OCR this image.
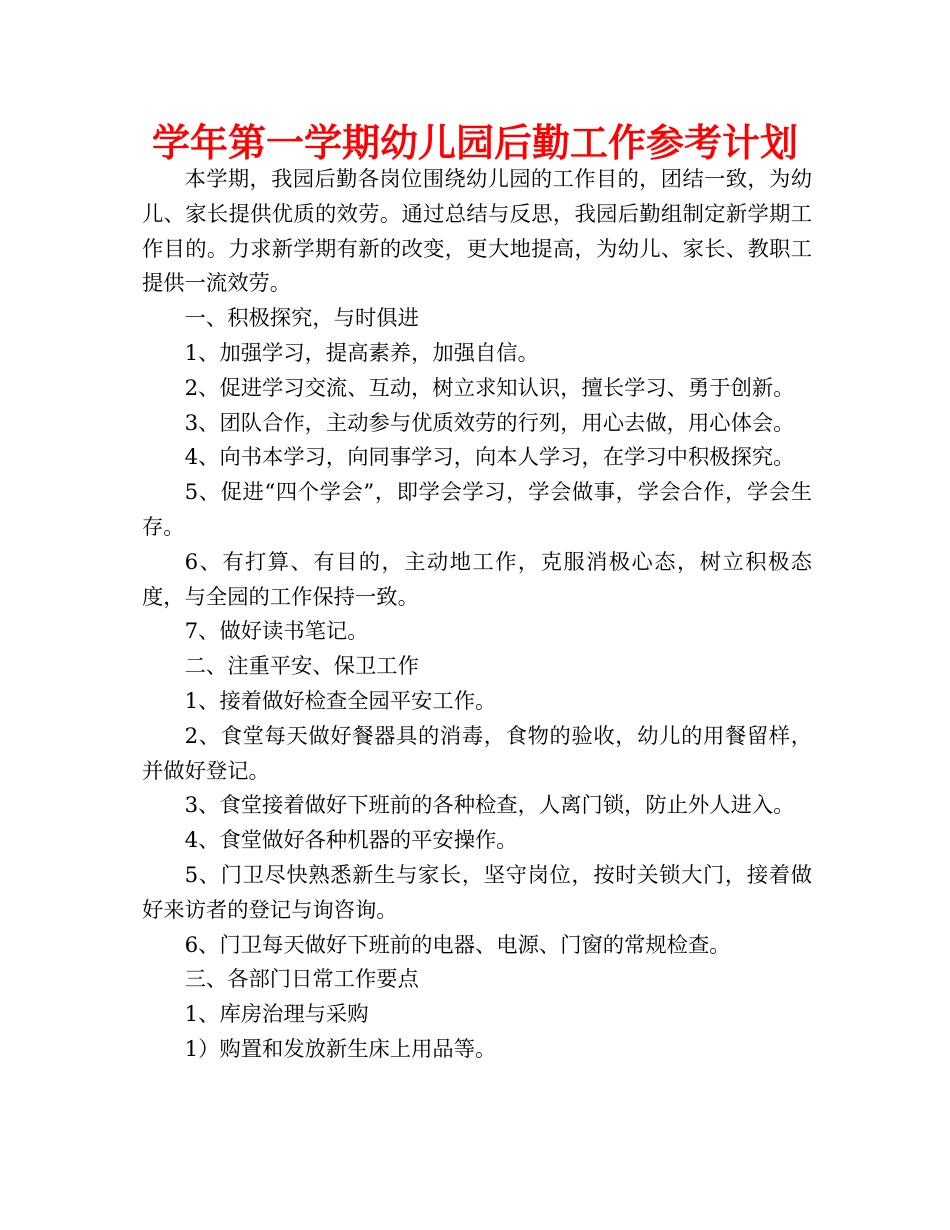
学年第一学期幼儿园后勤工作参考计划

本学期，我园后勤各岗位围绕幼儿园的工作目的，团结一致，为幼儿、家长提供优质的效劳。通过总结与反思，我园后勤组制定新学期工作目的。力求新学期有新的改变，更大地提高，为幼儿、家长、教职工提供一流效劳。

一、积极探究，与时俱进

1、加强学习，提高素养，加强自信。

2、促进学习交流、互动，树立求知认识，擅长学习、勇于创新。

3、团队合作，主动参与优质效劳的行列，用心去做，用心体会。

4、向书本学习，向同事学习，向本人学习，在学习中积极探究。

5、促进“四个学会”，即学会学习，学会做事，学会合作，学会生存。

6、有打算、有目的，主动地工作，克服消极心态，树立积极态度，与全园的工作保持一致。

7、做好读书笔记。

二、注重平安、保卫工作

1、接着做好检查全园平安工作。

2、食堂每天做好餐器具的消毒，食物的验收，幼儿的用餐留样，并做好登记。

3、食堂接着做好下班前的各种检查，人离门锁，防止外人进入。

4、食堂做好各种机器的平安操作。

5、门卫尽快熟悉新生与家长，坚守岗位，按时关锁大门，接着做好来访者的登记与询咨询。

6、门卫每天做好下班前的电器、电源、门窗的常规检查。

三、各部门日常工作要点

1、库房治理与采购

1）购置和发放新生床上用品等。
